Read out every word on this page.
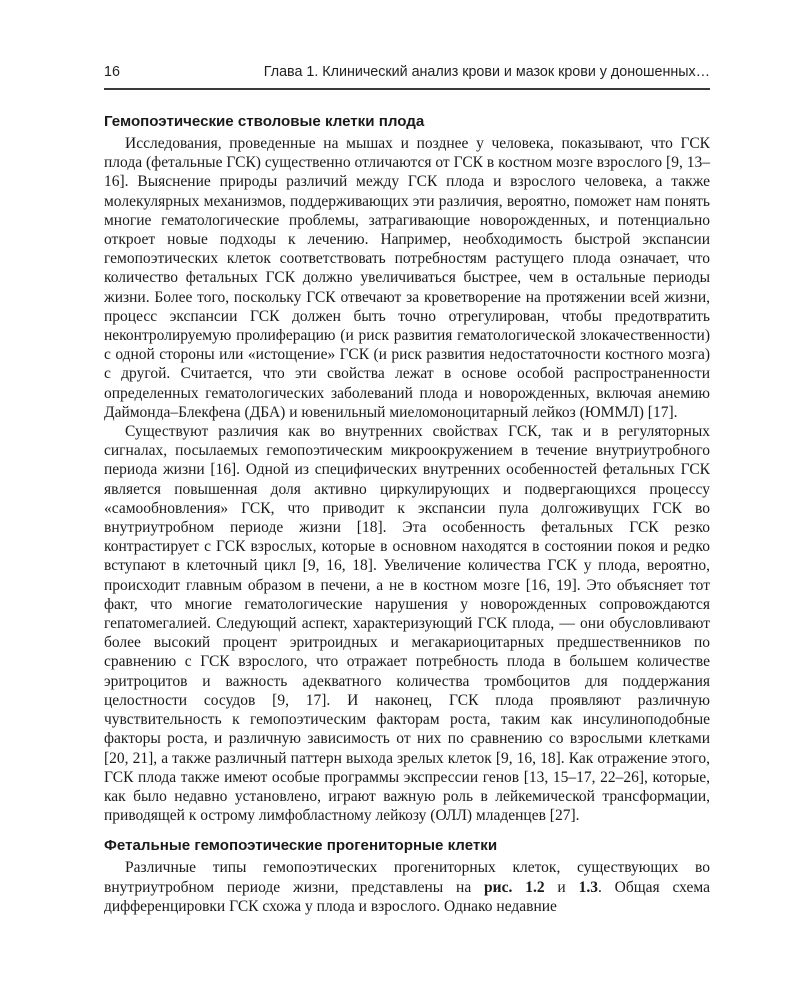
16	Глава 1. Клинический анализ крови и мазок крови у доношенных…
Гемопоэтические стволовые клетки плода

Исследования, проведенные на мышах и позднее у человека, показывают, что ГСК плода (фетальные ГСК) существенно отличаются от ГСК в костном мозге взрослого [9, 13–16]. Выяснение природы различий между ГСК плода и взрослого человека, а также молекулярных механизмов, поддерживающих эти различия, вероятно, поможет нам понять многие гематологические проблемы, затрагивающие новорожденных, и потенциально откроет новые подходы к лечению. Например, необходимость быстрой экспансии гемопоэтических клеток соответствовать потребностям растущего плода означает, что количество фетальных ГСК должно увеличиваться быстрее, чем в остальные периоды жизни. Более того, поскольку ГСК отвечают за кроветворение на протяжении всей жизни, процесс экспансии ГСК должен быть точно отрегулирован, чтобы предотвратить неконтролируемую пролиферацию (и риск развития гематологической злокачественности) с одной стороны или «истощение» ГСК (и риск развития недостаточности костного мозга) с другой. Считается, что эти свойства лежат в основе особой распространенности определенных гематологических заболеваний плода и новорожденных, включая анемию Даймонда–Блекфена (ДБА) и ювенильный миеломоноцитарный лейкоз (ЮММЛ) [17].

Существуют различия как во внутренних свойствах ГСК, так и в регуляторных сигналах, посылаемых гемопоэтическим микроокружением в течение внутриутробного периода жизни [16]. Одной из специфических внутренних особенностей фетальных ГСК является повышенная доля активно циркулирующих и подвергающихся процессу «самообновления» ГСК, что приводит к экспансии пула долгоживущих ГСК во внутриутробном периоде жизни [18]. Эта особенность фетальных ГСК резко контрастирует с ГСК взрослых, которые в основном находятся в состоянии покоя и редко вступают в клеточный цикл [9, 16, 18]. Увеличение количества ГСК у плода, вероятно, происходит главным образом в печени, а не в костном мозге [16, 19]. Это объясняет тот факт, что многие гематологические нарушения у новорожденных сопровождаются гепатомегалией. Следующий аспект, характеризующий ГСК плода, — они обусловливают более высокий процент эритроидных и мегакариоцитарных предшественников по сравнению с ГСК взрослого, что отражает потребность плода в большем количестве эритроцитов и важность адекватного количества тромбоцитов для поддержания целостности сосудов [9, 17]. И наконец, ГСК плода проявляют различную чувствительность к гемопоэтическим факторам роста, таким как инсулиноподобные факторы роста, и различную зависимость от них по сравнению со взрослыми клетками [20, 21], а также различный паттерн выхода зрелых клеток [9, 16, 18]. Как отражение этого, ГСК плода также имеют особые программы экспрессии генов [13, 15–17, 22–26], которые, как было недавно установлено, играют важную роль в лейкемической трансформации, приводящей к острому лимфобластному лейкозу (ОЛЛ) младенцев [27].

Фетальные гемопоэтические прогениторные клетки

Различные типы гемопоэтических прогениторных клеток, существующих во внутриутробном периоде жизни, представлены на рис. 1.2 и 1.3. Общая схема дифференцировки ГСК схожа у плода и взрослого. Однако недавние
